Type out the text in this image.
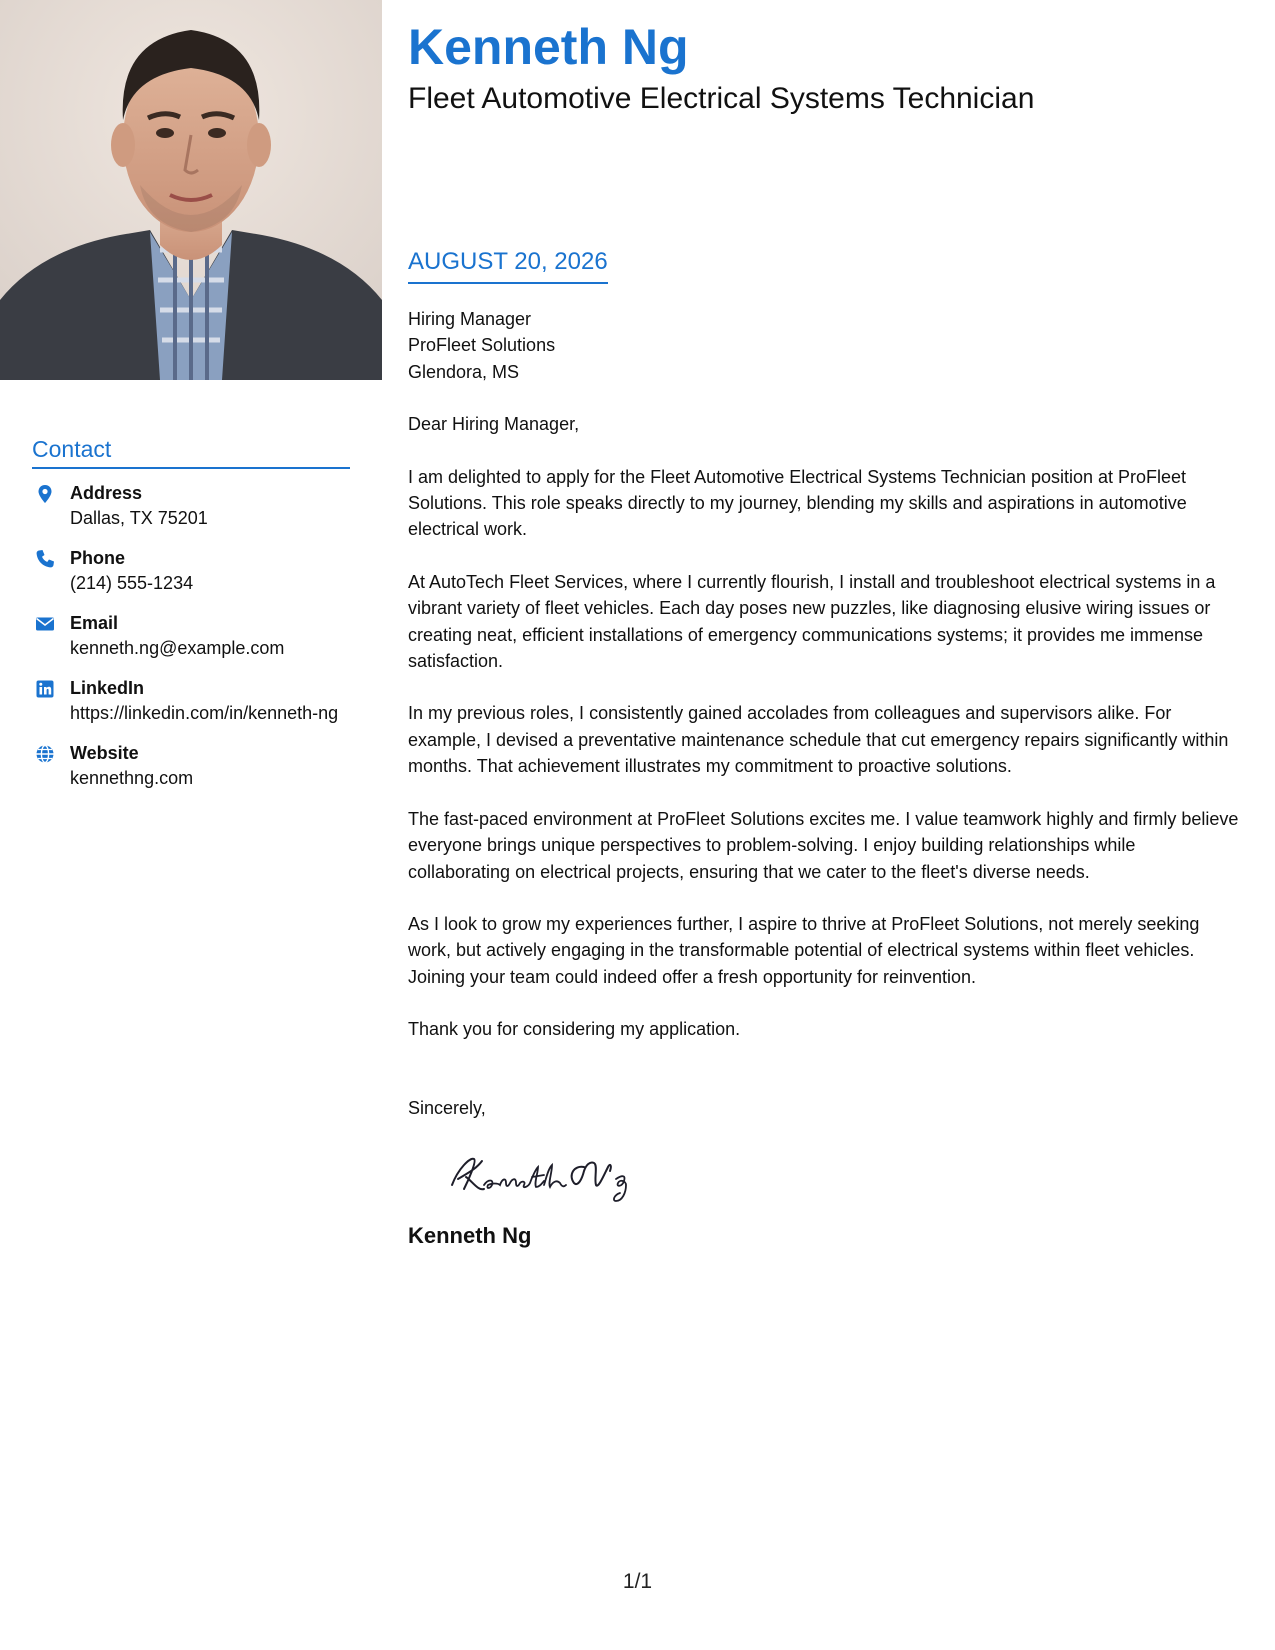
Contact
Address
Dallas, TX 75201
Phone
(214) 555-1234
Email
kenneth.ng@example.com
LinkedIn
https://linkedin.com/in/kenneth-ng
Website
kennethng.com
Kenneth Ng
Fleet Automotive Electrical Systems Technician
AUGUST 20, 2026
Hiring Manager
ProFleet Solutions
Glendora, MS

Dear Hiring Manager,

I am delighted to apply for the Fleet Automotive Electrical Systems Technician position at ProFleet Solutions. This role speaks directly to my journey, blending my skills and aspirations in automotive electrical work.

At AutoTech Fleet Services, where I currently flourish, I install and troubleshoot electrical systems in a vibrant variety of fleet vehicles. Each day poses new puzzles, like diagnosing elusive wiring issues or creating neat, efficient installations of emergency communications systems; it provides me immense satisfaction.

In my previous roles, I consistently gained accolades from colleagues and supervisors alike. For example, I devised a preventative maintenance schedule that cut emergency repairs significantly within months. That achievement illustrates my commitment to proactive solutions.

The fast-paced environment at ProFleet Solutions excites me. I value teamwork highly and firmly believe everyone brings unique perspectives to problem-solving. I enjoy building relationships while collaborating on electrical projects, ensuring that we cater to the fleet's diverse needs.

As I look to grow my experiences further, I aspire to thrive at ProFleet Solutions, not merely seeking work, but actively engaging in the transformable potential of electrical systems within fleet vehicles. Joining your team could indeed offer a fresh opportunity for reinvention.

Thank you for considering my application.

Sincerely,
Kenneth Ng
1/1
